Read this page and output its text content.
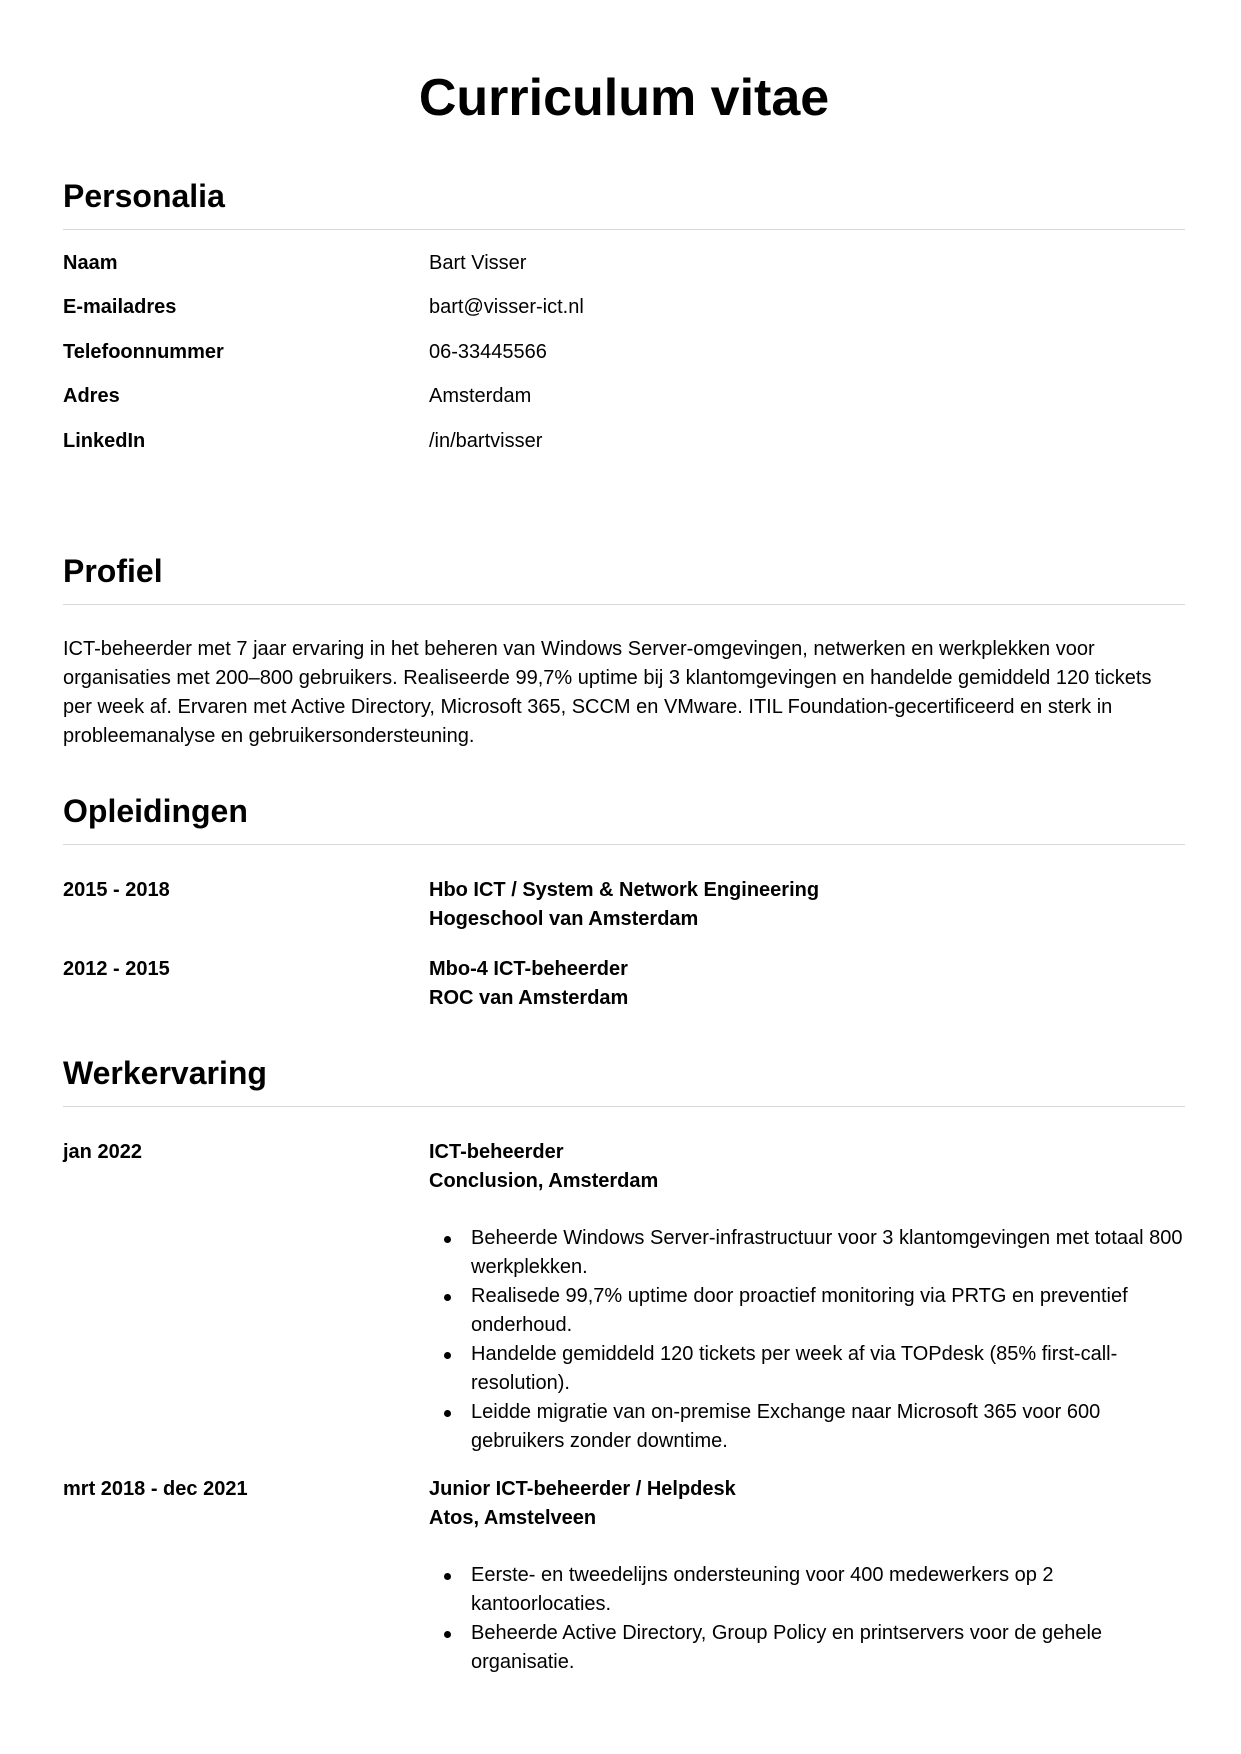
Curriculum vitae
Personalia
Naam	Bart Visser
E-mailadres	bart@visser-ict.nl
Telefoonnummer	06-33445566
Adres	Amsterdam
LinkedIn	/in/bartvisser
Profiel

ICT-beheerder met 7 jaar ervaring in het beheren van Windows Server-omgevingen, netwerken en werkplekken voor organisaties met 200–800 gebruikers. Realiseerde 99,7% uptime bij 3 klantomgevingen en handelde gemiddeld 120 tickets per week af. Ervaren met Active Directory, Microsoft 365, SCCM en VMware. ITIL Foundation-gecertificeerd en sterk in probleemanalyse en gebruikersondersteuning.

Opleidingen
2015 - 2018	Hbo ICT / System & Network Engineering
Hogeschool van Amsterdam
2012 - 2015	Mbo-4 ICT-beheerder
ROC van Amsterdam
Werkervaring
jan 2022	ICT-beheerder
Conclusion, Amsterdam
Beheerde Windows Server-infrastructuur voor 3 klantomgevingen met totaal 800 werkplekken.
Realisede 99,7% uptime door proactief monitoring via PRTG en preventief onderhoud.
Handelde gemiddeld 120 tickets per week af via TOPdesk (85% first-call-resolution).
Leidde migratie van on-premise Exchange naar Microsoft 365 voor 600 gebruikers zonder downtime.
mrt 2018 - dec 2021	Junior ICT-beheerder / Helpdesk
Atos, Amstelveen
Eerste- en tweedelijns ondersteuning voor 400 medewerkers op 2 kantoorlocaties.
Beheerde Active Directory, Group Policy en printservers voor de gehele organisatie.
